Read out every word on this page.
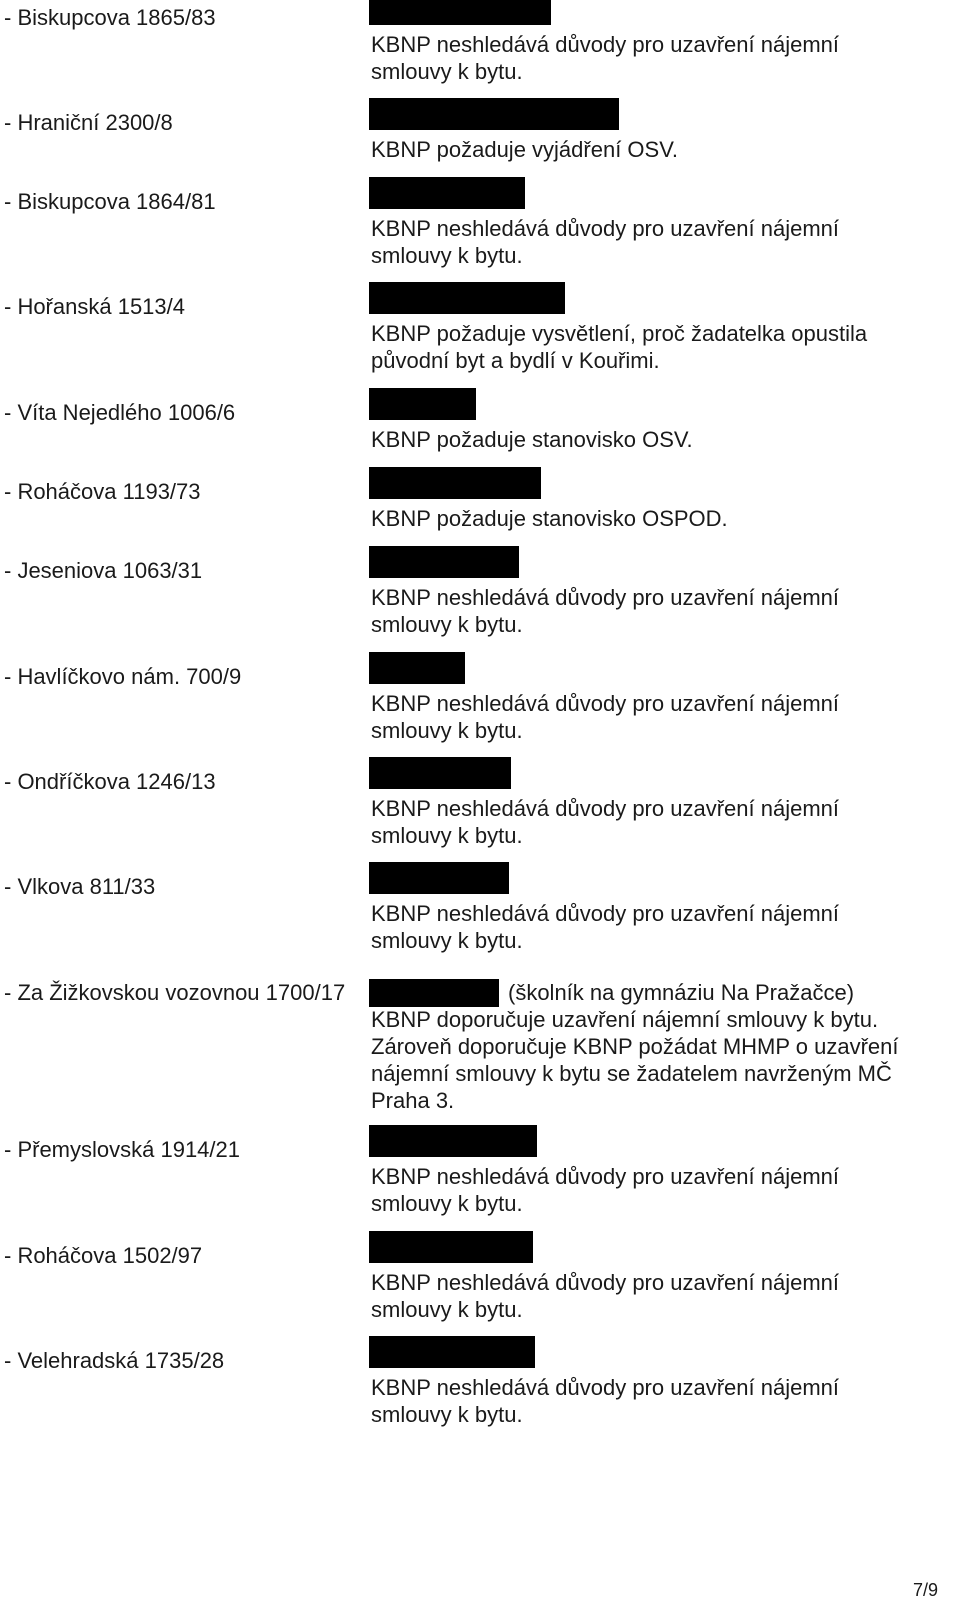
- Biskupcova 1865/83
KBNP neshledává důvody pro uzavření nájemní
smlouvy k bytu.
- Hraniční 2300/8
KBNP požaduje vyjádření OSV.
- Biskupcova 1864/81
KBNP neshledává důvody pro uzavření nájemní
smlouvy k bytu.
- Hořanská 1513/4
KBNP požaduje vysvětlení, proč žadatelka opustila
původní byt a bydlí v Kouřimi.
- Víta Nejedlého 1006/6
KBNP požaduje stanovisko OSV.
- Roháčova 1193/73
KBNP požaduje stanovisko OSPOD.
- Jeseniova 1063/31
KBNP neshledává důvody pro uzavření nájemní
smlouvy k bytu.
- Havlíčkovo nám. 700/9
KBNP neshledává důvody pro uzavření nájemní
smlouvy k bytu.
- Ondříčkova 1246/13
KBNP neshledává důvody pro uzavření nájemní
smlouvy k bytu.
- Vlkova 811/33
KBNP neshledává důvody pro uzavření nájemní
smlouvy k bytu.
- Za Žižkovskou vozovnou 1700/17	(školník na gymnáziu Na Pražačce)
KBNP doporučuje uzavření nájemní smlouvy k bytu.
Zároveň doporučuje KBNP požádat MHMP o uzavření
nájemní smlouvy k bytu se žadatelem navrženým MČ
Praha 3.
- Přemyslovská 1914/21
KBNP neshledává důvody pro uzavření nájemní
smlouvy k bytu.
- Roháčova 1502/97
KBNP neshledává důvody pro uzavření nájemní
smlouvy k bytu.
- Velehradská 1735/28
KBNP neshledává důvody pro uzavření nájemní
smlouvy k bytu.
7/9
